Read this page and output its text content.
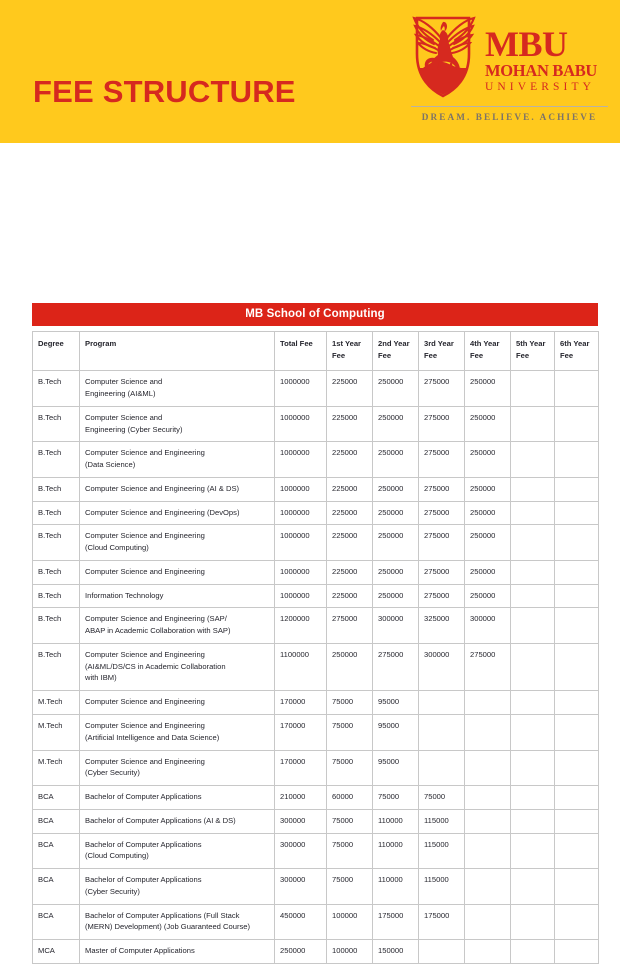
FEE STRUCTURE
MBU
MOHAN BABU
UNIVERSITY
DREAM. BELIEVE. ACHIEVE
MB School of Computing
Degree	Program	Total Fee	1st Year Fee	2nd Year Fee	3rd Year Fee	4th Year Fee	5th Year Fee	6th Year Fee
B.Tech	Computer Science and
Engineering (AI&ML)	1000000	225000	250000	275000	250000		
B.Tech	Computer Science and
Engineering (Cyber Security)	1000000	225000	250000	275000	250000		
B.Tech	Computer Science and Engineering
(Data Science)	1000000	225000	250000	275000	250000		
B.Tech	Computer Science and Engineering (AI & DS)	1000000	225000	250000	275000	250000		
B.Tech	Computer Science and Engineering (DevOps)	1000000	225000	250000	275000	250000		
B.Tech	Computer Science and Engineering
(Cloud Computing)	1000000	225000	250000	275000	250000		
B.Tech	Computer Science and Engineering	1000000	225000	250000	275000	250000		
B.Tech	Information Technology	1000000	225000	250000	275000	250000		
B.Tech	Computer Science and Engineering (SAP/
ABAP in Academic Collaboration with SAP)	1200000	275000	300000	325000	300000		
B.Tech	Computer Science and Engineering
(AI&ML/DS/CS in Academic Collaboration
with IBM)	1100000	250000	275000	300000	275000		
M.Tech	Computer Science and Engineering	170000	75000	95000				
M.Tech	Computer Science and Engineering
(Artificial Intelligence and Data Science)	170000	75000	95000				
M.Tech	Computer Science and Engineering
(Cyber Security)	170000	75000	95000				
BCA	Bachelor of Computer Applications	210000	60000	75000	75000			
BCA	Bachelor of Computer Applications (AI & DS)	300000	75000	110000	115000			
BCA	Bachelor of Computer Applications
(Cloud Computing)	300000	75000	110000	115000			
BCA	Bachelor of Computer Applications
(Cyber Security)	300000	75000	110000	115000			
BCA	Bachelor of Computer Applications (Full Stack
(MERN) Development) (Job Guaranteed Course)	450000	100000	175000	175000			
MCA	Master of Computer Applications	250000	100000	150000				
